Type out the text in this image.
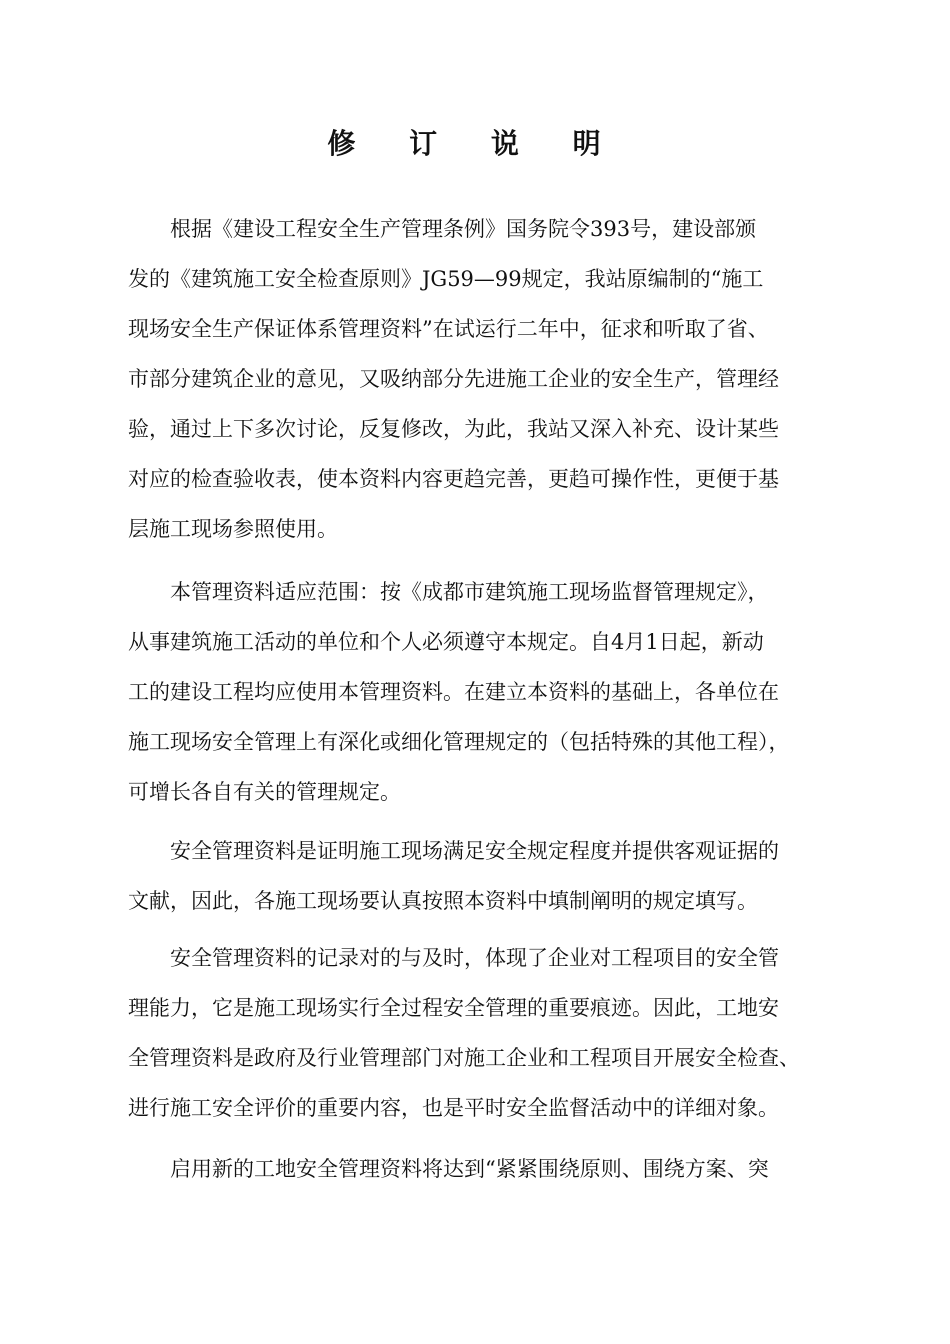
修 订 说 明
　　根据《建设工程安全生产管理条例》国务院令393号，建设部颁
发的《建筑施工安全检查原则》JG59—99规定，我站原编制的“施工
现场安全生产保证体系管理资料”在试运行二年中，征求和听取了省、
市部分建筑企业的意见，又吸纳部分先进施工企业的安全生产，管理经
验，通过上下多次讨论，反复修改，为此，我站又深入补充、设计某些
对应的检查验收表，使本资料内容更趋完善，更趋可操作性，更便于基
层施工现场参照使用。
　　本管理资料适应范围：按《成都市建筑施工现场监督管理规定》，
从事建筑施工活动的单位和个人必须遵守本规定。自4月1日起，新动
工的建设工程均应使用本管理资料。在建立本资料的基础上，各单位在
施工现场安全管理上有深化或细化管理规定的（包括特殊的其他工程），
可增长各自有关的管理规定。
　　安全管理资料是证明施工现场满足安全规定程度并提供客观证据的
文献，因此，各施工现场要认真按照本资料中填制阐明的规定填写。
　　安全管理资料的记录对的与及时，体现了企业对工程项目的安全管
理能力，它是施工现场实行全过程安全管理的重要痕迹。因此，工地安
全管理资料是政府及行业管理部门对施工企业和工程项目开展安全检查、
进行施工安全评价的重要内容，也是平时安全监督活动中的详细对象。
　　启用新的工地安全管理资料将达到“紧紧围绕原则、围绕方案、突
